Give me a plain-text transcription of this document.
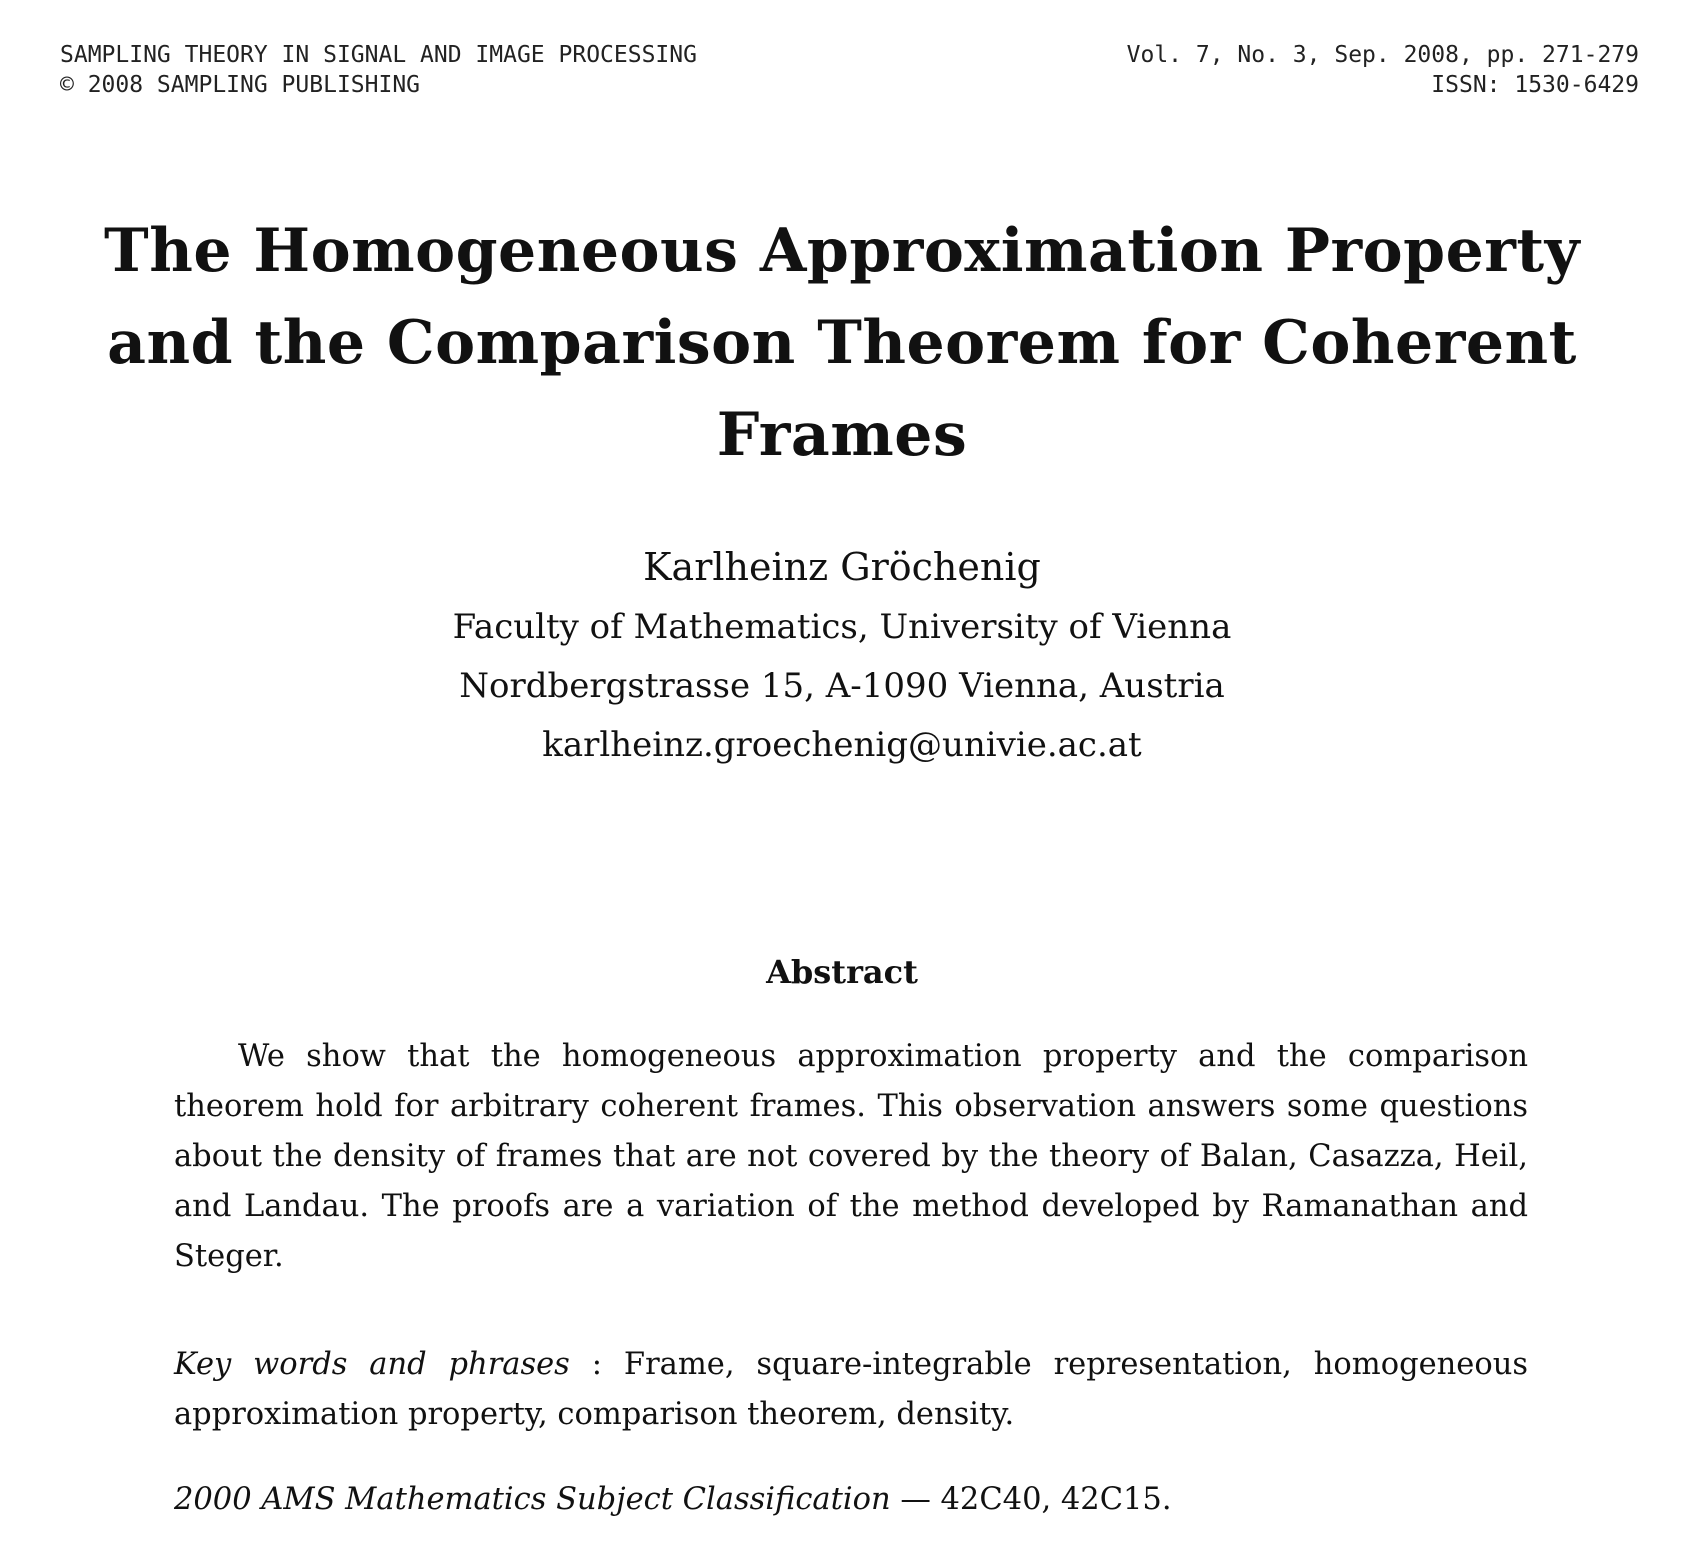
SAMPLING THEORY IN SIGNAL AND IMAGE PROCESSING	Vol. 7, No. 3, Sep. 2008, pp. 271-279
© 2008 SAMPLING PUBLISHING	ISSN: 1530-6429
The Homogeneous Approximation Property
and the Comparison Theorem for Coherent
Frames
Karlheinz Gröchenig
Faculty of Mathematics, University of Vienna
Nordbergstrasse 15, A-1090 Vienna, Austria
karlheinz.groechenig@univie.ac.at
Abstract
We show that the homogeneous approximation property and the comparison theorem hold for arbitrary coherent frames. This observation answers some questions about the density of frames that are not covered by the theory of Balan, Casazza, Heil, and Landau. The proofs are a variation of the method developed by Ramanathan and Steger.
Key words and phrases : Frame, square-integrable representation, homogeneous approximation property, comparison theorem, density.
2000 AMS Mathematics Subject Classification — 42C40, 42C15.
